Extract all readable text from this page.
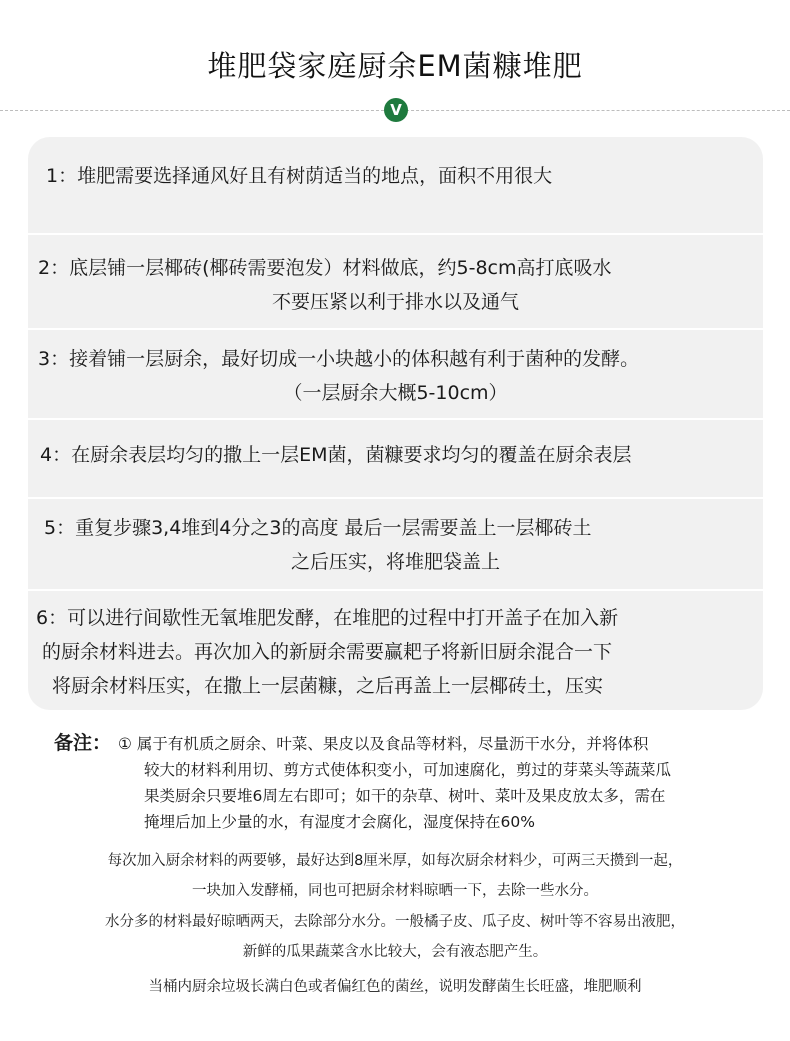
堆肥袋家庭厨余EM菌糠堆肥
V
1：堆肥需要选择通风好且有树荫适当的地点，面积不用很大
2：底层铺一层椰砖(椰砖需要泡发）材料做底，约5-8cm高打底吸水
不要压紧以利于排水以及通气
3：接着铺一层厨余，最好切成一小块越小的体积越有利于菌种的发酵。
（一层厨余大概5-10cm）
4：在厨余表层均匀的撒上一层EM菌，菌糠要求均匀的覆盖在厨余表层
5：重复步骤3,4堆到4分之3的高度 最后一层需要盖上一层椰砖土
之后压实，将堆肥袋盖上
6：可以进行间歇性无氧堆肥发酵，在堆肥的过程中打开盖子在加入新
的厨余材料进去。再次加入的新厨余需要赢耙子将新旧厨余混合一下
将厨余材料压实，在撒上一层菌糠，之后再盖上一层椰砖土，压实
备注： ① 属于有机质之厨余、叶菜、果皮以及食品等材料，尽量沥干水分，并将体积
较大的材料利用切、剪方式使体积变小，可加速腐化，剪过的芽菜头等蔬菜瓜
果类厨余只要堆6周左右即可；如干的杂草、树叶、菜叶及果皮放太多，需在
掩埋后加上少量的水，有湿度才会腐化，湿度保持在60%
每次加入厨余材料的两要够，最好达到8厘米厚，如每次厨余材料少，可两三天攒到一起，
一块加入发酵桶，同也可把厨余材料晾晒一下，去除一些水分。
水分多的材料最好晾晒两天，去除部分水分。一般橘子皮、瓜子皮、树叶等不容易出液肥，
新鲜的瓜果蔬菜含水比较大，会有液态肥产生。
当桶内厨余垃圾长满白色或者偏红色的菌丝，说明发酵菌生长旺盛，堆肥顺利
